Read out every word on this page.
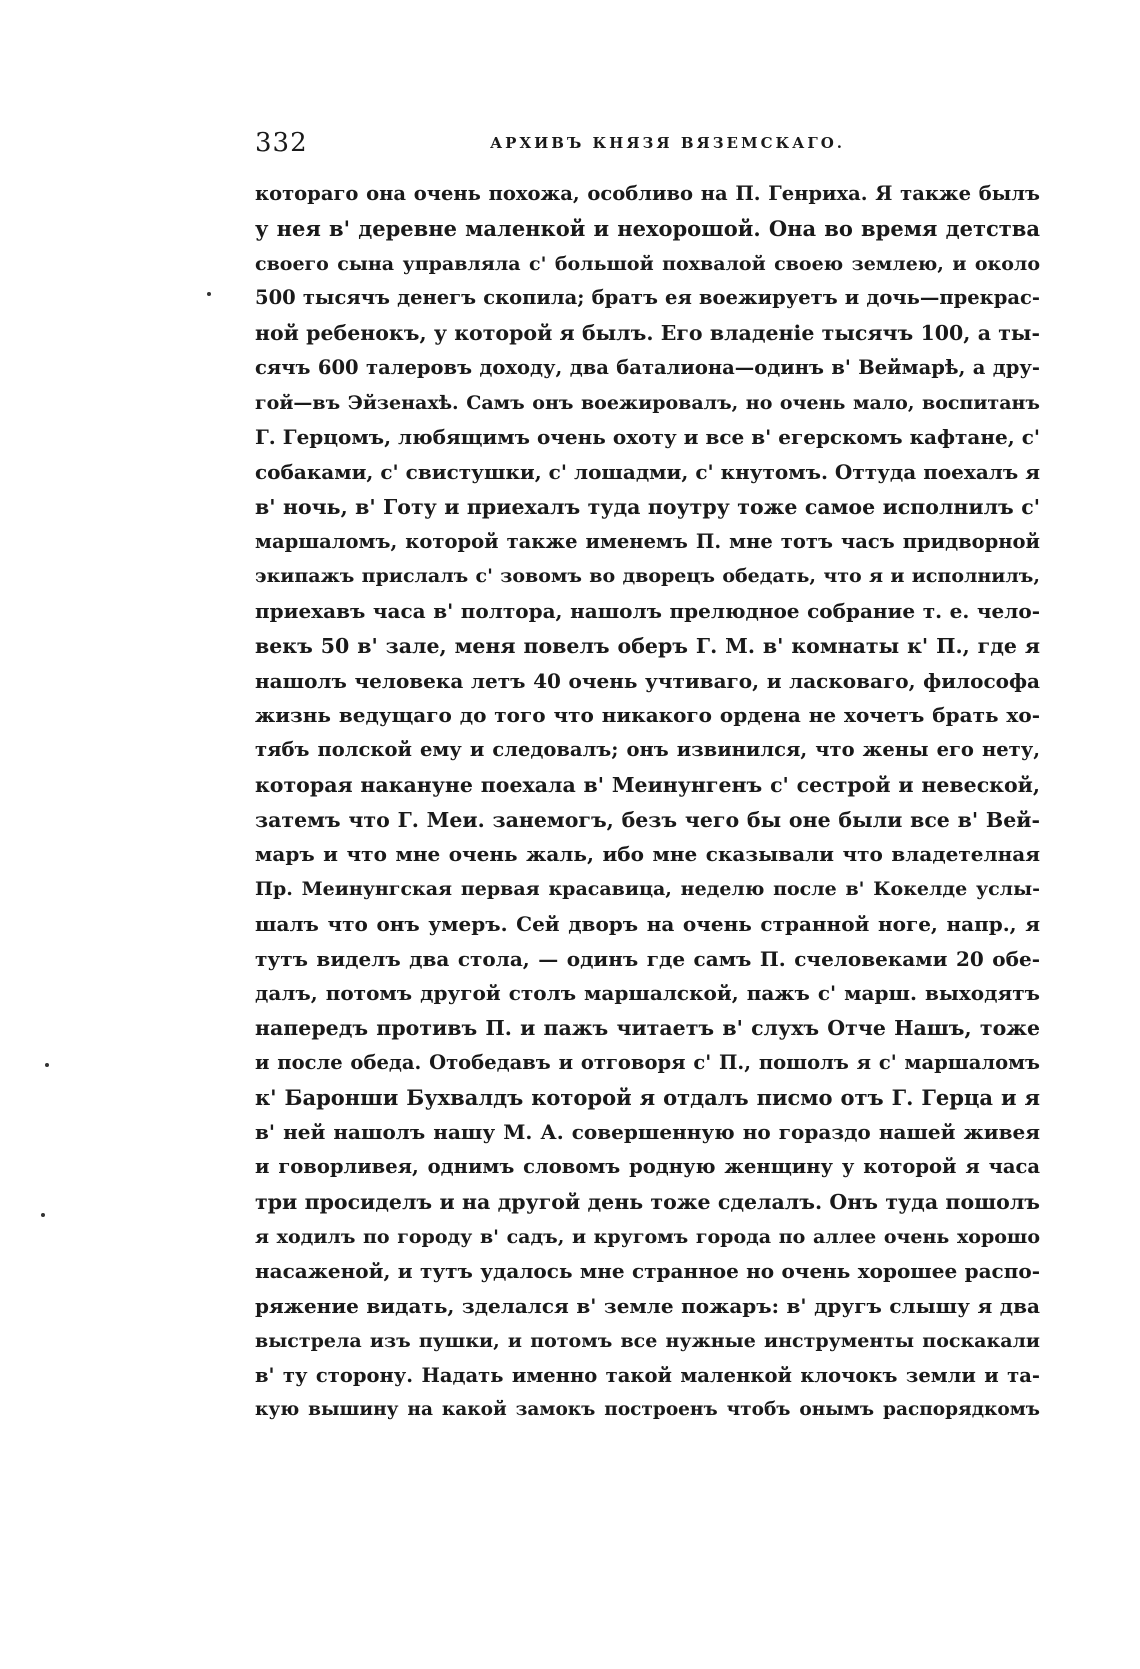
332	АРХИВЪ КНЯЗЯ ВЯЗЕМСКАГО.
котораго она очень похожа, особливо на П. Генриха. Я также былъ
у нея в' деревне маленкой и нехорошой. Она во время детства
своего сына управляла с' большой похвалой своею землею, и около
500 тысячъ денегъ скопила; братъ ея воежируетъ и дочь—прекрас-
ной ребенокъ, у которой я былъ. Его владеніе тысячъ 100, а ты-
сячъ 600 талеровъ доходу, два баталиона—одинъ в' Веймарѣ, а дру-
гой—въ Эйзенахѣ. Самъ онъ воежировалъ, но очень мало, воспитанъ
Г. Герцомъ, любящимъ очень охоту и все в' егерскомъ кафтане, с'
собаками, с' свистушки, с' лошадми, с' кнутомъ. Оттуда поехалъ я
в' ночь, в' Готу и приехалъ туда поутру тоже самое исполнилъ с'
маршаломъ, которой также именемъ П. мне тотъ часъ придворной
экипажъ прислалъ с' зовомъ во дворецъ обедать, что я и исполнилъ,
приехавъ часа в' полтора, нашолъ прелюдное собрание т. е. чело-
векъ 50 в' зале, меня повелъ оберъ Г. М. в' комнаты к' П., где я
нашолъ человека летъ 40 очень учтиваго, и ласковаго, философа
жизнь ведущаго до того что никакого ордена не хочетъ брать хо-
тябъ полской ему и следовалъ; онъ извинился, что жены его нету,
которая накануне поехала в' Меинунгенъ с' сестрой и невеской,
затемъ что Г. Меи. занемогъ, безъ чего бы оне были все в' Вей-
маръ и что мне очень жаль, ибо мне сказывали что владетелная
Пр. Меинунгская первая красавица, неделю после в' Кокелде услы-
шалъ что онъ умеръ. Сей дворъ на очень странной ноге, напр., я
тутъ виделъ два стола, — одинъ где самъ П. счеловеками 20 обе-
далъ, потомъ другой столъ маршалской, пажъ с' марш. выходятъ
напередъ противъ П. и пажъ читаетъ в' слухъ Отче Нашъ, тоже
и после обеда. Отобедавъ и отговоря с' П., пошолъ я с' маршаломъ
к' Баронши Бухвалдъ которой я отдалъ писмо отъ Г. Герца и я
в' ней нашолъ нашу М. А. совершенную но гораздо нашей живея
и говорливея, однимъ словомъ родную женщину у которой я часа
три просиделъ и на другой день тоже сделалъ. Онъ туда пошолъ
я ходилъ по городу в' садъ, и кругомъ города по аллее очень хорошо
насаженой, и тутъ удалось мне странное но очень хорошее распо-
ряжение видать, зделался в' земле пожаръ: в' другъ слышу я два
выстрела изъ пушки, и потомъ все нужные инструменты поскакали
в' ту сторону. Надать именно такой маленкой клочокъ земли и та-
кую вышину на какой замокъ построенъ чтобъ онымъ распорядкомъ
